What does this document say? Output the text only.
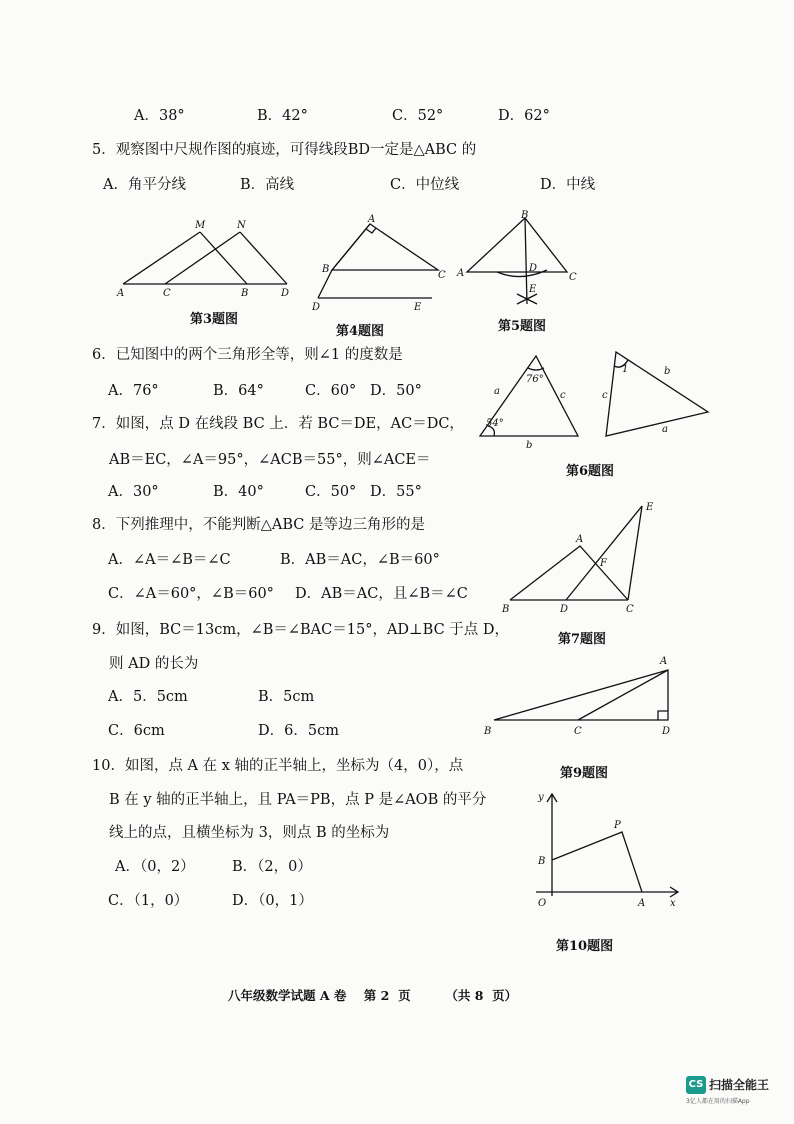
A．38°	B．42°	C．52°	D．62°
5．观察图中尺规作图的痕迹，可得线段BD一定是△ABC 的
A．角平分线	B．高线	C．中位线	D．中线
M	N
A	C	B	D
第3题图
A
B
C
D	E
第4题图
B
A	D
C
E
第5题图
6．已知图中的两个三角形全等，则∠1 的度数是
A．76°	B．64°	C．60° D．50°
76°
a	c
54°
b
1	b
c
a
第6题图
7．如图，点 D 在线段 BC 上．若 BC＝DE，AC＝DC，
AB＝EC，∠A＝95°，∠ACB＝55°，则∠ACE＝
A．30°	B．40°	C．50° D．55°
8．下列推理中，不能判断△ABC 是等边三角形的是
A．∠A＝∠B＝∠C	B．AB＝AC，∠B＝60°
C．∠A＝60°，∠B＝60° D．AB＝AC，且∠B＝∠C
E
A
F
B	D	C
第7题图
9．如图，BC＝13cm，∠B＝∠BAC＝15°，AD⊥BC 于点 D，
则 AD 的长为
A．5．5cm	B．5cm
C．6cm	D．6．5cm
A
B	C	D
第9题图
10．如图，点 A 在 x 轴的正半轴上，坐标为（4，0），点
B 在 y 轴的正半轴上，且 PA＝PB，点 P 是∠AOB 的平分
线上的点，且横坐标为 3，则点 B 的坐标为
A．（0，2）	B．（2，0）
C．（1，0）	D．（0，1）
y
P
B
O	A x
第10题图
八年级数学试题 A 卷    第 2  页        （共 8  页）
CS 扫描全能王
3亿人都在用的扫描App
